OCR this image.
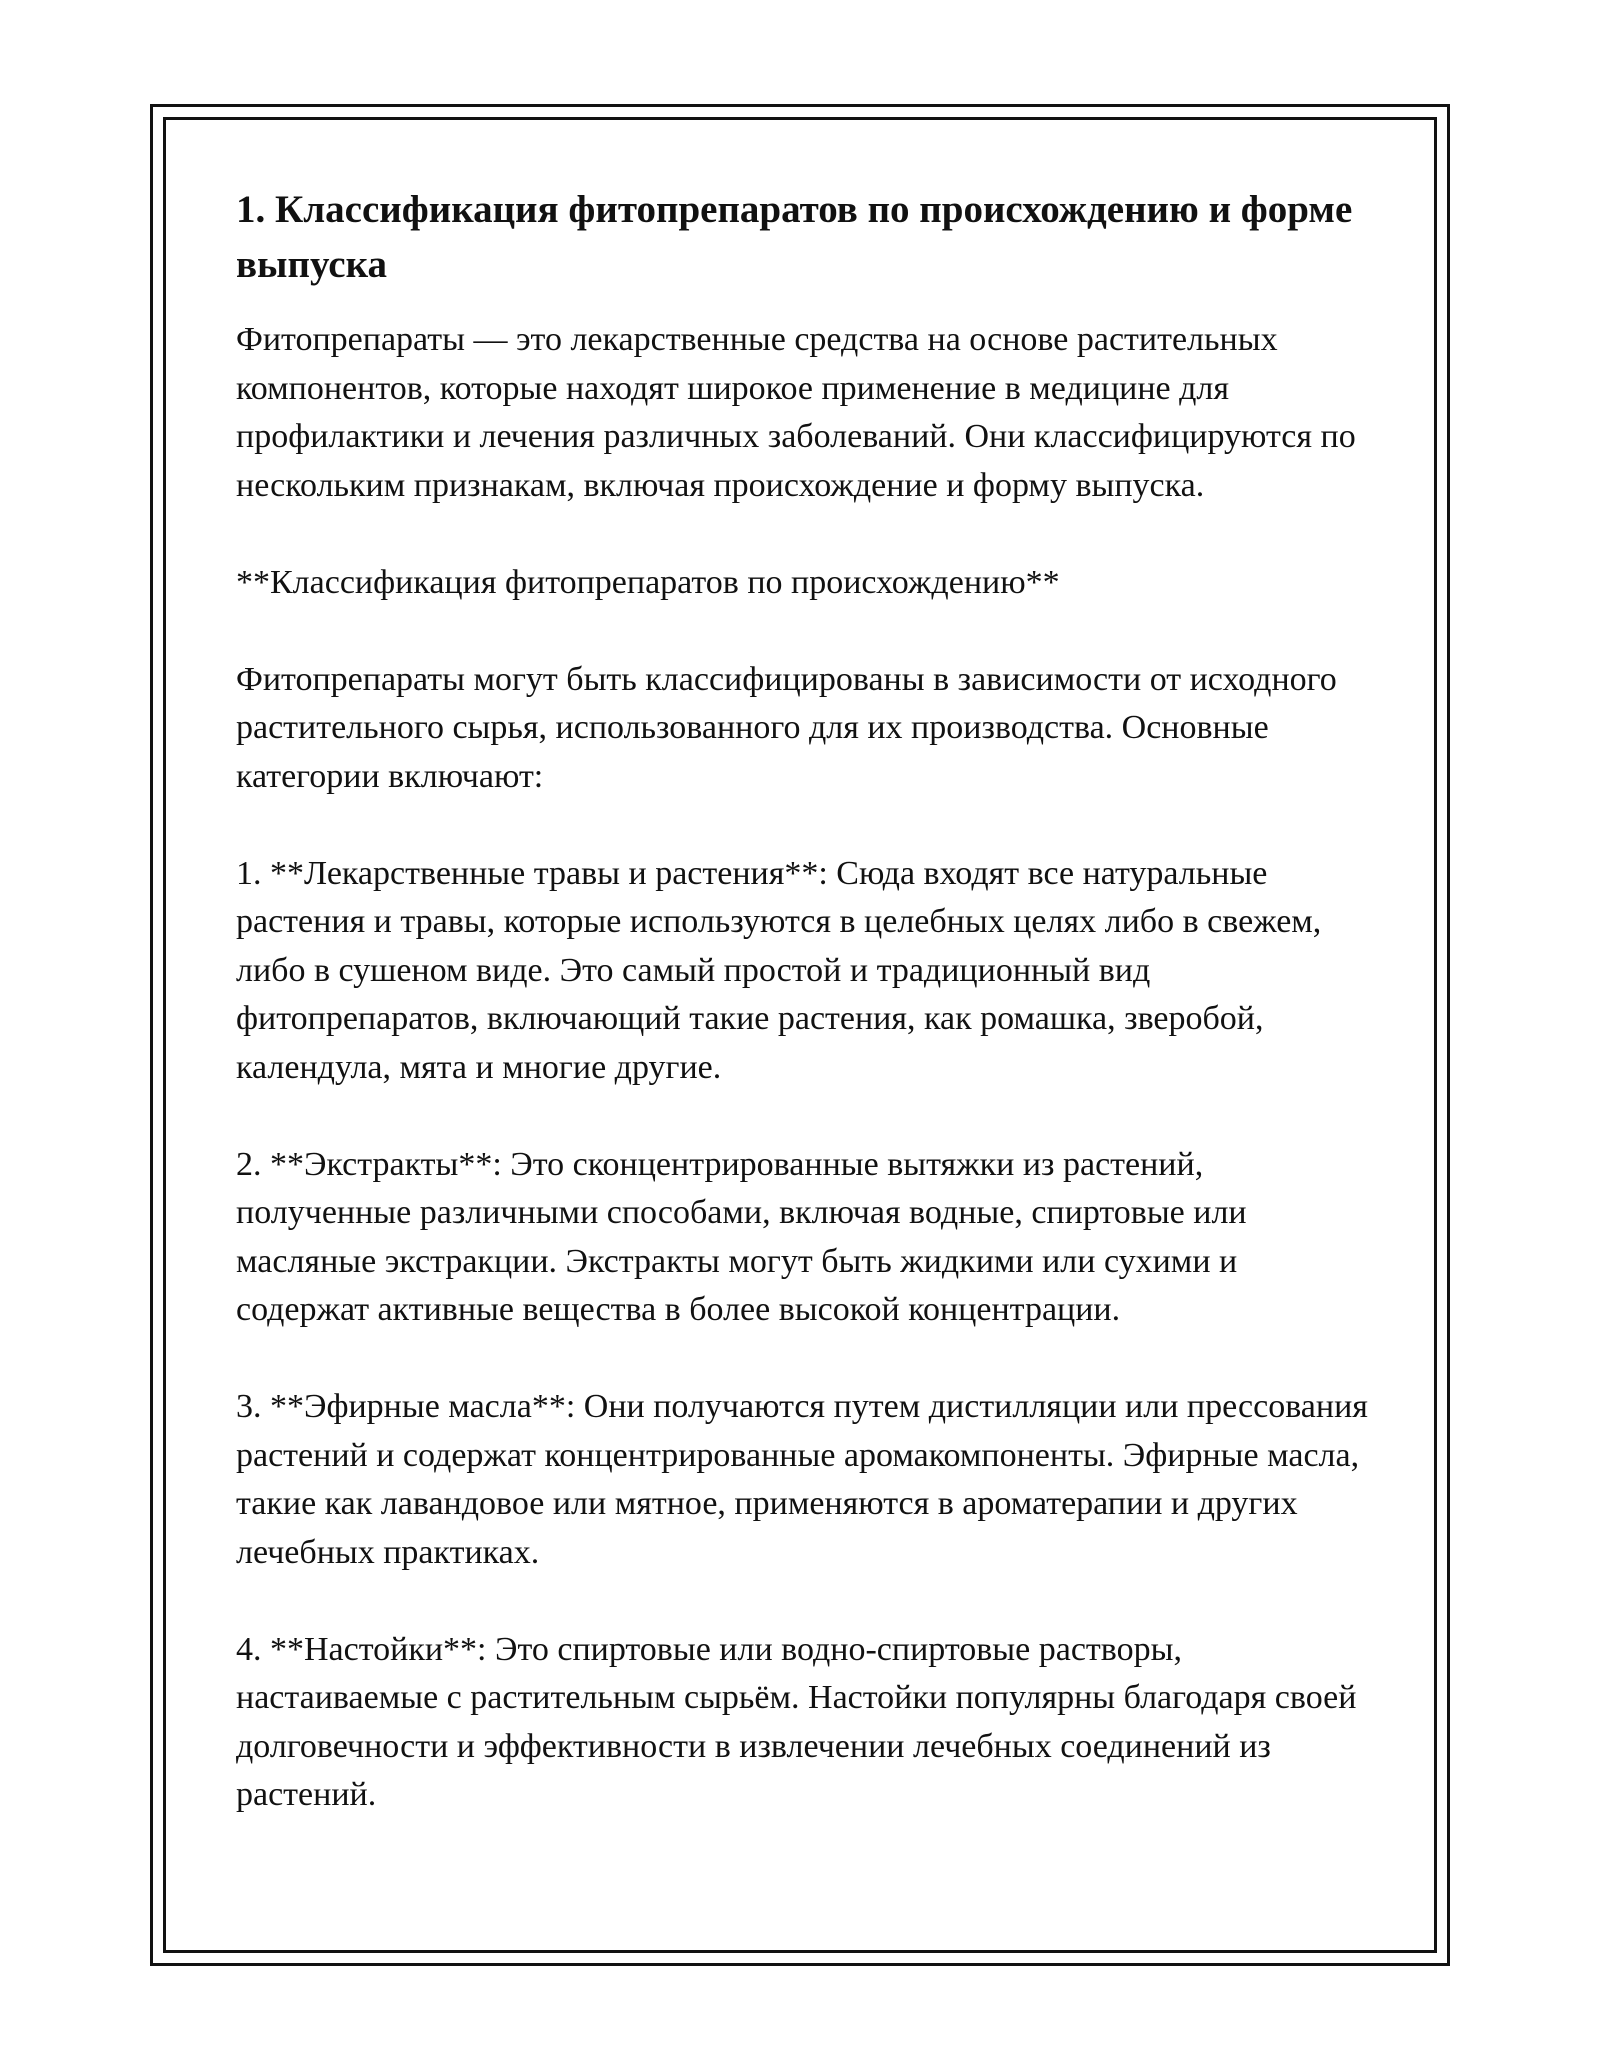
1. Классификация фитопрепаратов по происхождению и форме выпуска

Фитопрепараты — это лекарственные средства на основе растительных компонентов, которые находят широкое применение в медицине для профилактики и лечения различных заболеваний. Они классифицируются по нескольким признакам, включая происхождение и форму выпуска.

**Классификация фитопрепаратов по происхождению**

Фитопрепараты могут быть классифицированы в зависимости от исходного растительного сырья, использованного для их производства. Основные категории включают:

1. **Лекарственные травы и растения**: Сюда входят все натуральные растения и травы, которые используются в целебных целях либо в свежем, либо в сушеном виде. Это самый простой и традиционный вид фитопрепаратов, включающий такие растения, как ромашка, зверобой, календула, мята и многие другие.

2. **Экстракты**: Это сконцентрированные вытяжки из растений, полученные различными способами, включая водные, спиртовые или масляные экстракции. Экстракты могут быть жидкими или сухими и содержат активные вещества в более высокой концентрации.

3. **Эфирные масла**: Они получаются путем дистилляции или прессования растений и содержат концентрированные аромакомпоненты. Эфирные масла, такие как лавандовое или мятное, применяются в ароматерапии и других лечебных практиках.

4. **Настойки**: Это спиртовые или водно-спиртовые растворы, настаиваемые с растительным сырьём. Настойки популярны благодаря своей долговечности и эффективности в извлечении лечебных соединений из растений.
